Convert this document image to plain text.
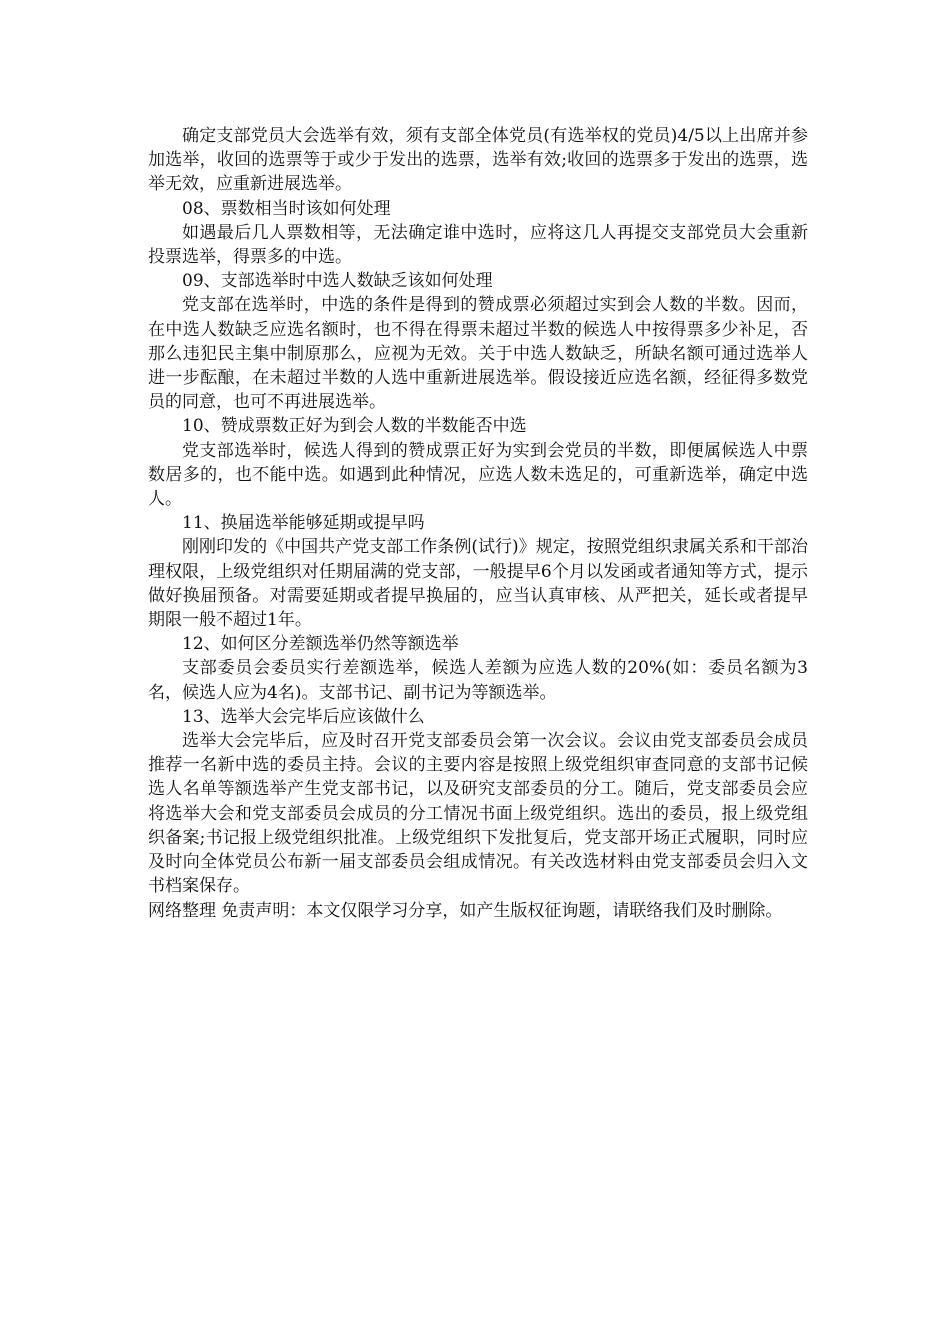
确定支部党员大会选举有效，须有支部全体党员(有选举权的党员)4/5以上出席并参加选举，收回的选票等于或少于发出的选票，选举有效;收回的选票多于发出的选票，选举无效，应重新进展选举。

08、票数相当时该如何处理

如遇最后几人票数相等，无法确定谁中选时，应将这几人再提交支部党员大会重新投票选举，得票多的中选。

09、支部选举时中选人数缺乏该如何处理

党支部在选举时，中选的条件是得到的赞成票必须超过实到会人数的半数。因而，在中选人数缺乏应选名额时，也不得在得票未超过半数的候选人中按得票多少补足，否那么违犯民主集中制原那么，应视为无效。关于中选人数缺乏，所缺名额可通过选举人进一步酝酿，在未超过半数的人选中重新进展选举。假设接近应选名额，经征得多数党员的同意，也可不再进展选举。

10、赞成票数正好为到会人数的半数能否中选

党支部选举时，候选人得到的赞成票正好为实到会党员的半数，即便属候选人中票数居多的，也不能中选。如遇到此种情况，应选人数未选足的，可重新选举，确定中选人。

11、换届选举能够延期或提早吗

刚刚印发的《中国共产党支部工作条例(试行)》规定，按照党组织隶属关系和干部治理权限，上级党组织对任期届满的党支部，一般提早6个月以发函或者通知等方式，提示做好换届预备。对需要延期或者提早换届的，应当认真审核、从严把关，延长或者提早期限一般不超过1年。

12、如何区分差额选举仍然等额选举

支部委员会委员实行差额选举，候选人差额为应选人数的20%(如：委员名额为3名，候选人应为4名)。支部书记、副书记为等额选举。

13、选举大会完毕后应该做什么

选举大会完毕后，应及时召开党支部委员会第一次会议。会议由党支部委员会成员推荐一名新中选的委员主持。会议的主要内容是按照上级党组织审查同意的支部书记候选人名单等额选举产生党支部书记，以及研究支部委员的分工。随后，党支部委员会应将选举大会和党支部委员会成员的分工情况书面上级党组织。选出的委员，报上级党组织备案;书记报上级党组织批准。上级党组织下发批复后，党支部开场正式履职，同时应及时向全体党员公布新一届支部委员会组成情况。有关改选材料由党支部委员会归入文书档案保存。

网络整理 免责声明：本文仅限学习分享，如产生版权征询题，请联络我们及时删除。
